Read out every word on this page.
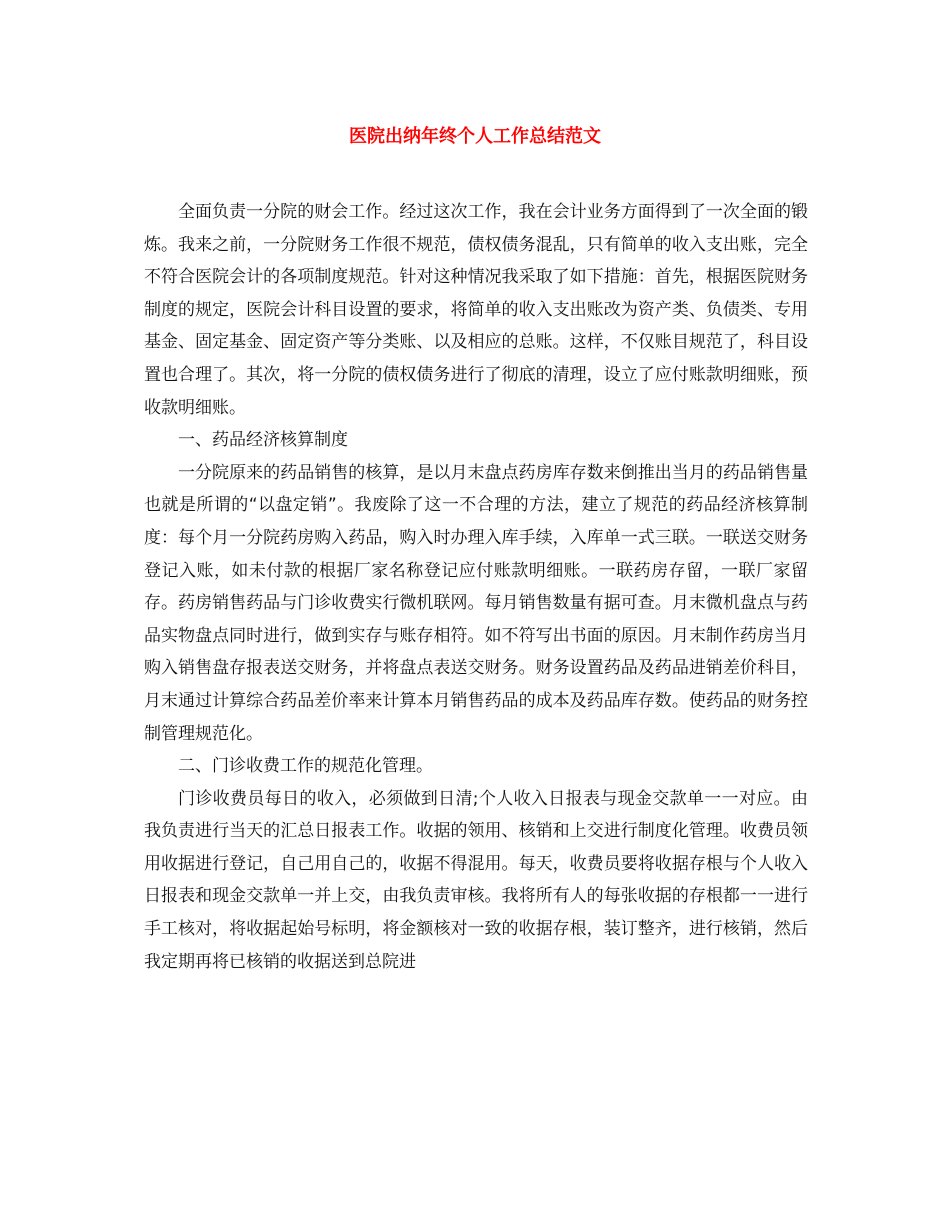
医院出纳年终个人工作总结范文

全面负责一分院的财会工作。经过这次工作，我在会计业务方面得到了一次全面的锻炼。我来之前，一分院财务工作很不规范，债权债务混乱，只有简单的收入支出账，完全不符合医院会计的各项制度规范。针对这种情况我采取了如下措施：首先，根据医院财务制度的规定，医院会计科目设置的要求，将简单的收入支出账改为资产类、负债类、专用基金、固定基金、固定资产等分类账、以及相应的总账。这样，不仅账目规范了，科目设置也合理了。其次，将一分院的债权债务进行了彻底的清理，设立了应付账款明细账，预收款明细账。

一、药品经济核算制度

一分院原来的药品销售的核算，是以月末盘点药房库存数来倒推出当月的药品销售量也就是所谓的“以盘定销”。我废除了这一不合理的方法，建立了规范的药品经济核算制度：每个月一分院药房购入药品，购入时办理入库手续，入库单一式三联。一联送交财务登记入账，如未付款的根据厂家名称登记应付账款明细账。一联药房存留，一联厂家留存。药房销售药品与门诊收费实行微机联网。每月销售数量有据可查。月末微机盘点与药品实物盘点同时进行，做到实存与账存相符。如不符写出书面的原因。月末制作药房当月购入销售盘存报表送交财务，并将盘点表送交财务。财务设置药品及药品进销差价科目，月末通过计算综合药品差价率来计算本月销售药品的成本及药品库存数。使药品的财务控制管理规范化。

二、门诊收费工作的规范化管理。

门诊收费员每日的收入，必须做到日清;个人收入日报表与现金交款单一一对应。由我负责进行当天的汇总日报表工作。收据的领用、核销和上交进行制度化管理。收费员领用收据进行登记，自己用自己的，收据不得混用。每天，收费员要将收据存根与个人收入日报表和现金交款单一并上交，由我负责审核。我将所有人的每张收据的存根都一一进行手工核对，将收据起始号标明，将金额核对一致的收据存根，装订整齐，进行核销，然后我定期再将已核销的收据送到总院进
